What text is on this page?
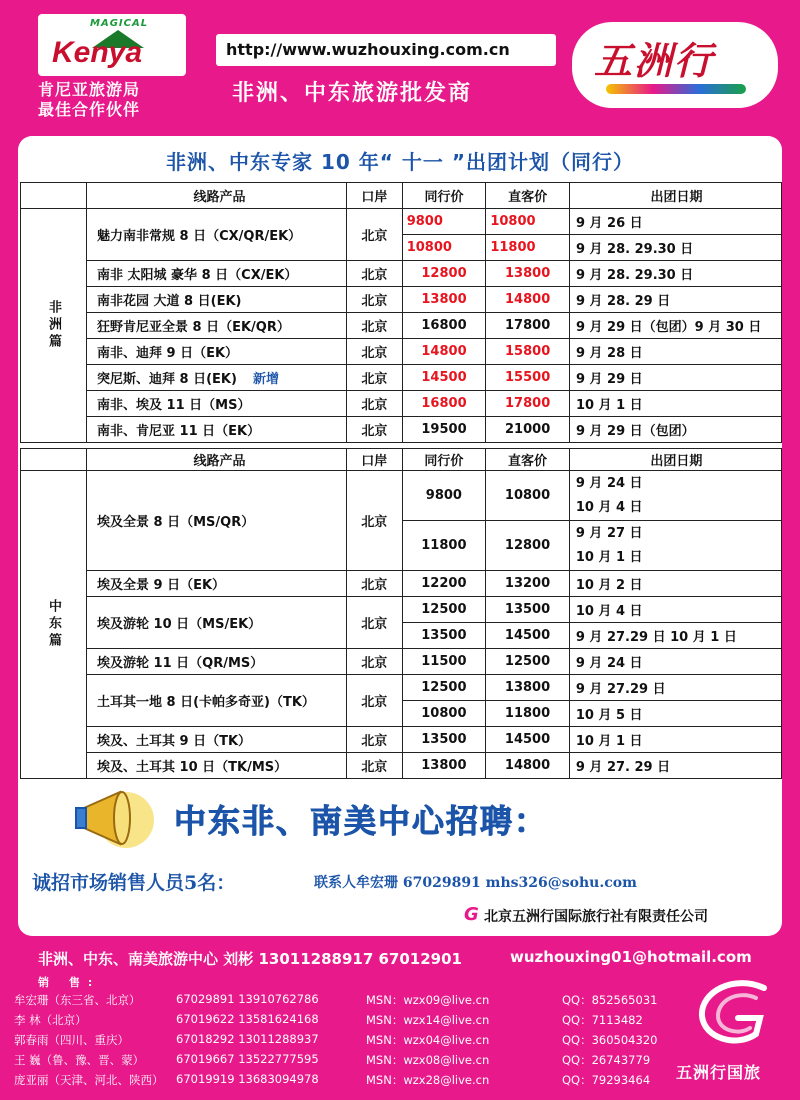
MAGICAL
Kenya
肯尼亚旅游局
最佳合作伙伴
http://www.wuzhouxing.com.cn
非洲、中东旅游批发商
五洲行
非洲、中东专家 10 年“ 十一 ”出团计划（同行）
	线路产品	口岸	同行价	直客价	出团日期

非洲篇	魅力南非常规 8 日（CX/QR/EK）	北京	9800	10800	9 月 26 日
			10800	11800	9 月 28. 29.30 日
	南非 太阳城 豪华 8 日（CX/EK）	北京	12800	13800	9 月 28. 29.30 日
	南非花园 大道 8 日(EK)	北京	13800	14800	9 月 28. 29 日
	狂野肯尼亚全景 8 日（EK/QR）	北京	16800	17800	9 月 29 日（包团）9 月 30 日
	南非、迪拜 9 日（EK）	北京	14800	15800	9 月 28 日
	突尼斯、迪拜 8 日(EK) 新增	北京	14500	15500	9 月 29 日
	南非、埃及 11 日（MS）	北京	16800	17800	10 月 1 日
	南非、肯尼亚 11 日（EK）	北京	19500	21000	9 月 29 日（包团）
	线路产品	口岸	同行价	直客价	出团日期

中东篇	埃及全景 8 日（MS/QR）	北京	9800	10800	9 月 24 日
10 月 4 日

			11800	12800	9 月 27 日
10 月 1 日

	埃及全景 9 日（EK）	北京	12200	13200	10 月 2 日
	埃及游轮 10 日（MS/EK）	北京	12500	13500	10 月 4 日
			13500	14500	9 月 27.29 日 10 月 1 日
	埃及游轮 11 日（QR/MS）	北京	11500	12500	9 月 24 日
	土耳其一地 8 日(卡帕多奇亚)（TK）	北京	12500	13800	9 月 27.29 日
			10800	11800	10 月 5 日
	埃及、土耳其 9 日（TK）	北京	13500	14500	10 月 1 日
	埃及、土耳其 10 日（TK/MS）	北京	13800	14800	9 月 27. 29 日
中东非、南美中心招聘：
诚招市场销售人员5名：	联系人牟宏珊 67029891 mhs326@sohu.com
G 北京五洲行国际旅行社有限责任公司
非洲、中东、南美旅游中心 刘彬 13011288917 67012901	wuzhouxing01@hotmail.com
销 售:
牟宏珊（东三省、北京）	67029891 13910762786	MSN：wzx09@live.cn	QQ：852565031
李 林（北京）	67019622 13581624168	MSN：wzx14@live.cn	QQ：7113482
郭春雨（四川、重庆）	67018292 13011288937	MSN：wzx04@live.cn	QQ：360504320
王 巍（鲁、豫、晋、蒙）	67019667 13522777595	MSN：wzx08@live.cn	QQ：26743779
庞亚丽（天津、河北、陕西） 67019919 13683094978	MSN：wzx28@live.cn	QQ：79293464 五洲行国旅
